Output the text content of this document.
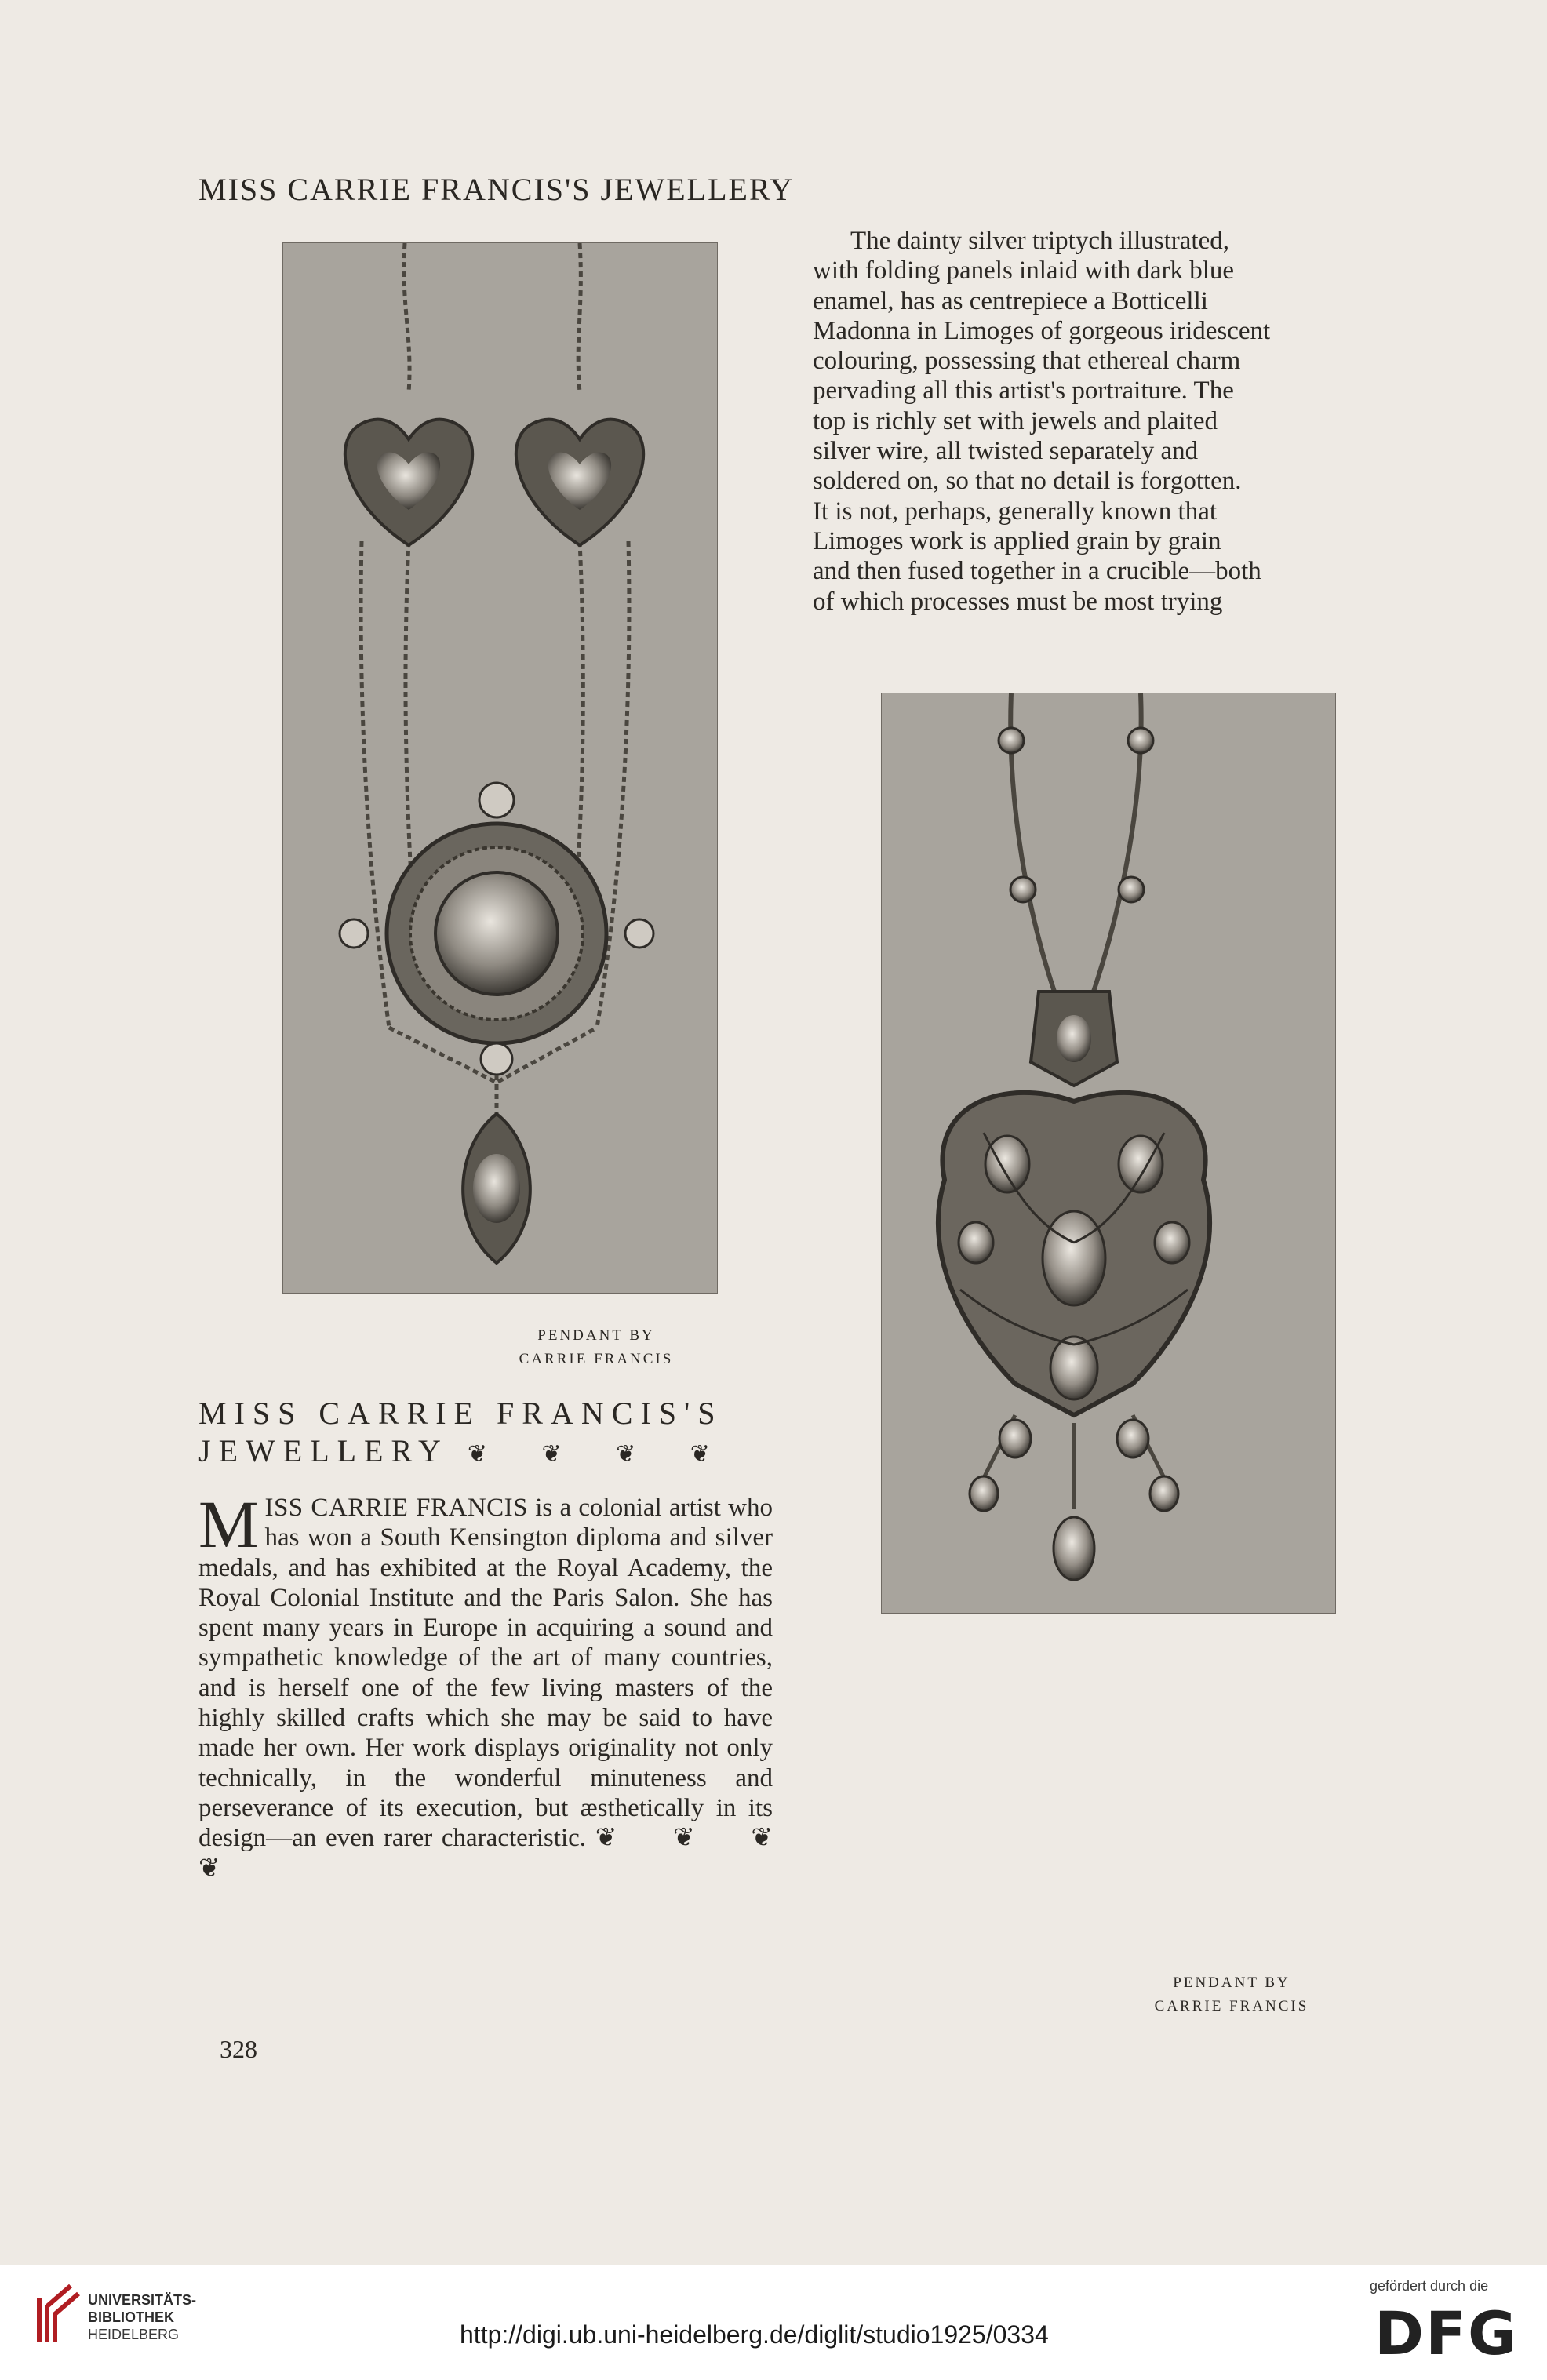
MISS CARRIE FRANCIS'S JEWELLERY
PENDANT BY
CARRIE FRANCIS
The dainty silver triptych illustrated,
with folding panels inlaid with dark blue
enamel, has as centrepiece a Botticelli
Madonna in Limoges of gorgeous iridescent
colouring, possessing that ethereal charm
pervading all this artist's portraiture. The
top is richly set with jewels and plaited
silver wire, all twisted separately and
soldered on, so that no detail is forgotten.
It is not, perhaps, generally known that
Limoges work is applied grain by grain
and then fused together in a crucible—both
of which processes must be most trying
PENDANT BY
CARRIE FRANCIS
MISS CARRIE FRANCIS'S
JEWELLERY ❦ ❦ ❦ ❦

MISS CARRIE FRANCIS is a colonial artist who has won a South Kensington diploma and silver medals, and has exhibited at the Royal Academy, the Royal Colonial Institute and the Paris Salon. She has spent many years in Europe in acquiring a sound and sympathetic knowledge of the art of many countries, and is herself one of the few living masters of the highly skilled crafts which she may be said to have made her own. Her work displays originality not only technically, in the wonderful minuteness and perseverance of its execution, but æsthetically in its design—an even rarer characteristic. ❦ ❦ ❦ ❦

328
UNIVERSITÄTS-
BIBLIOTHEK
HEIDELBERG	http://digi.ub.uni-heidelberg.de/diglit/studio1925/0334
gefördert durch die
DFG
